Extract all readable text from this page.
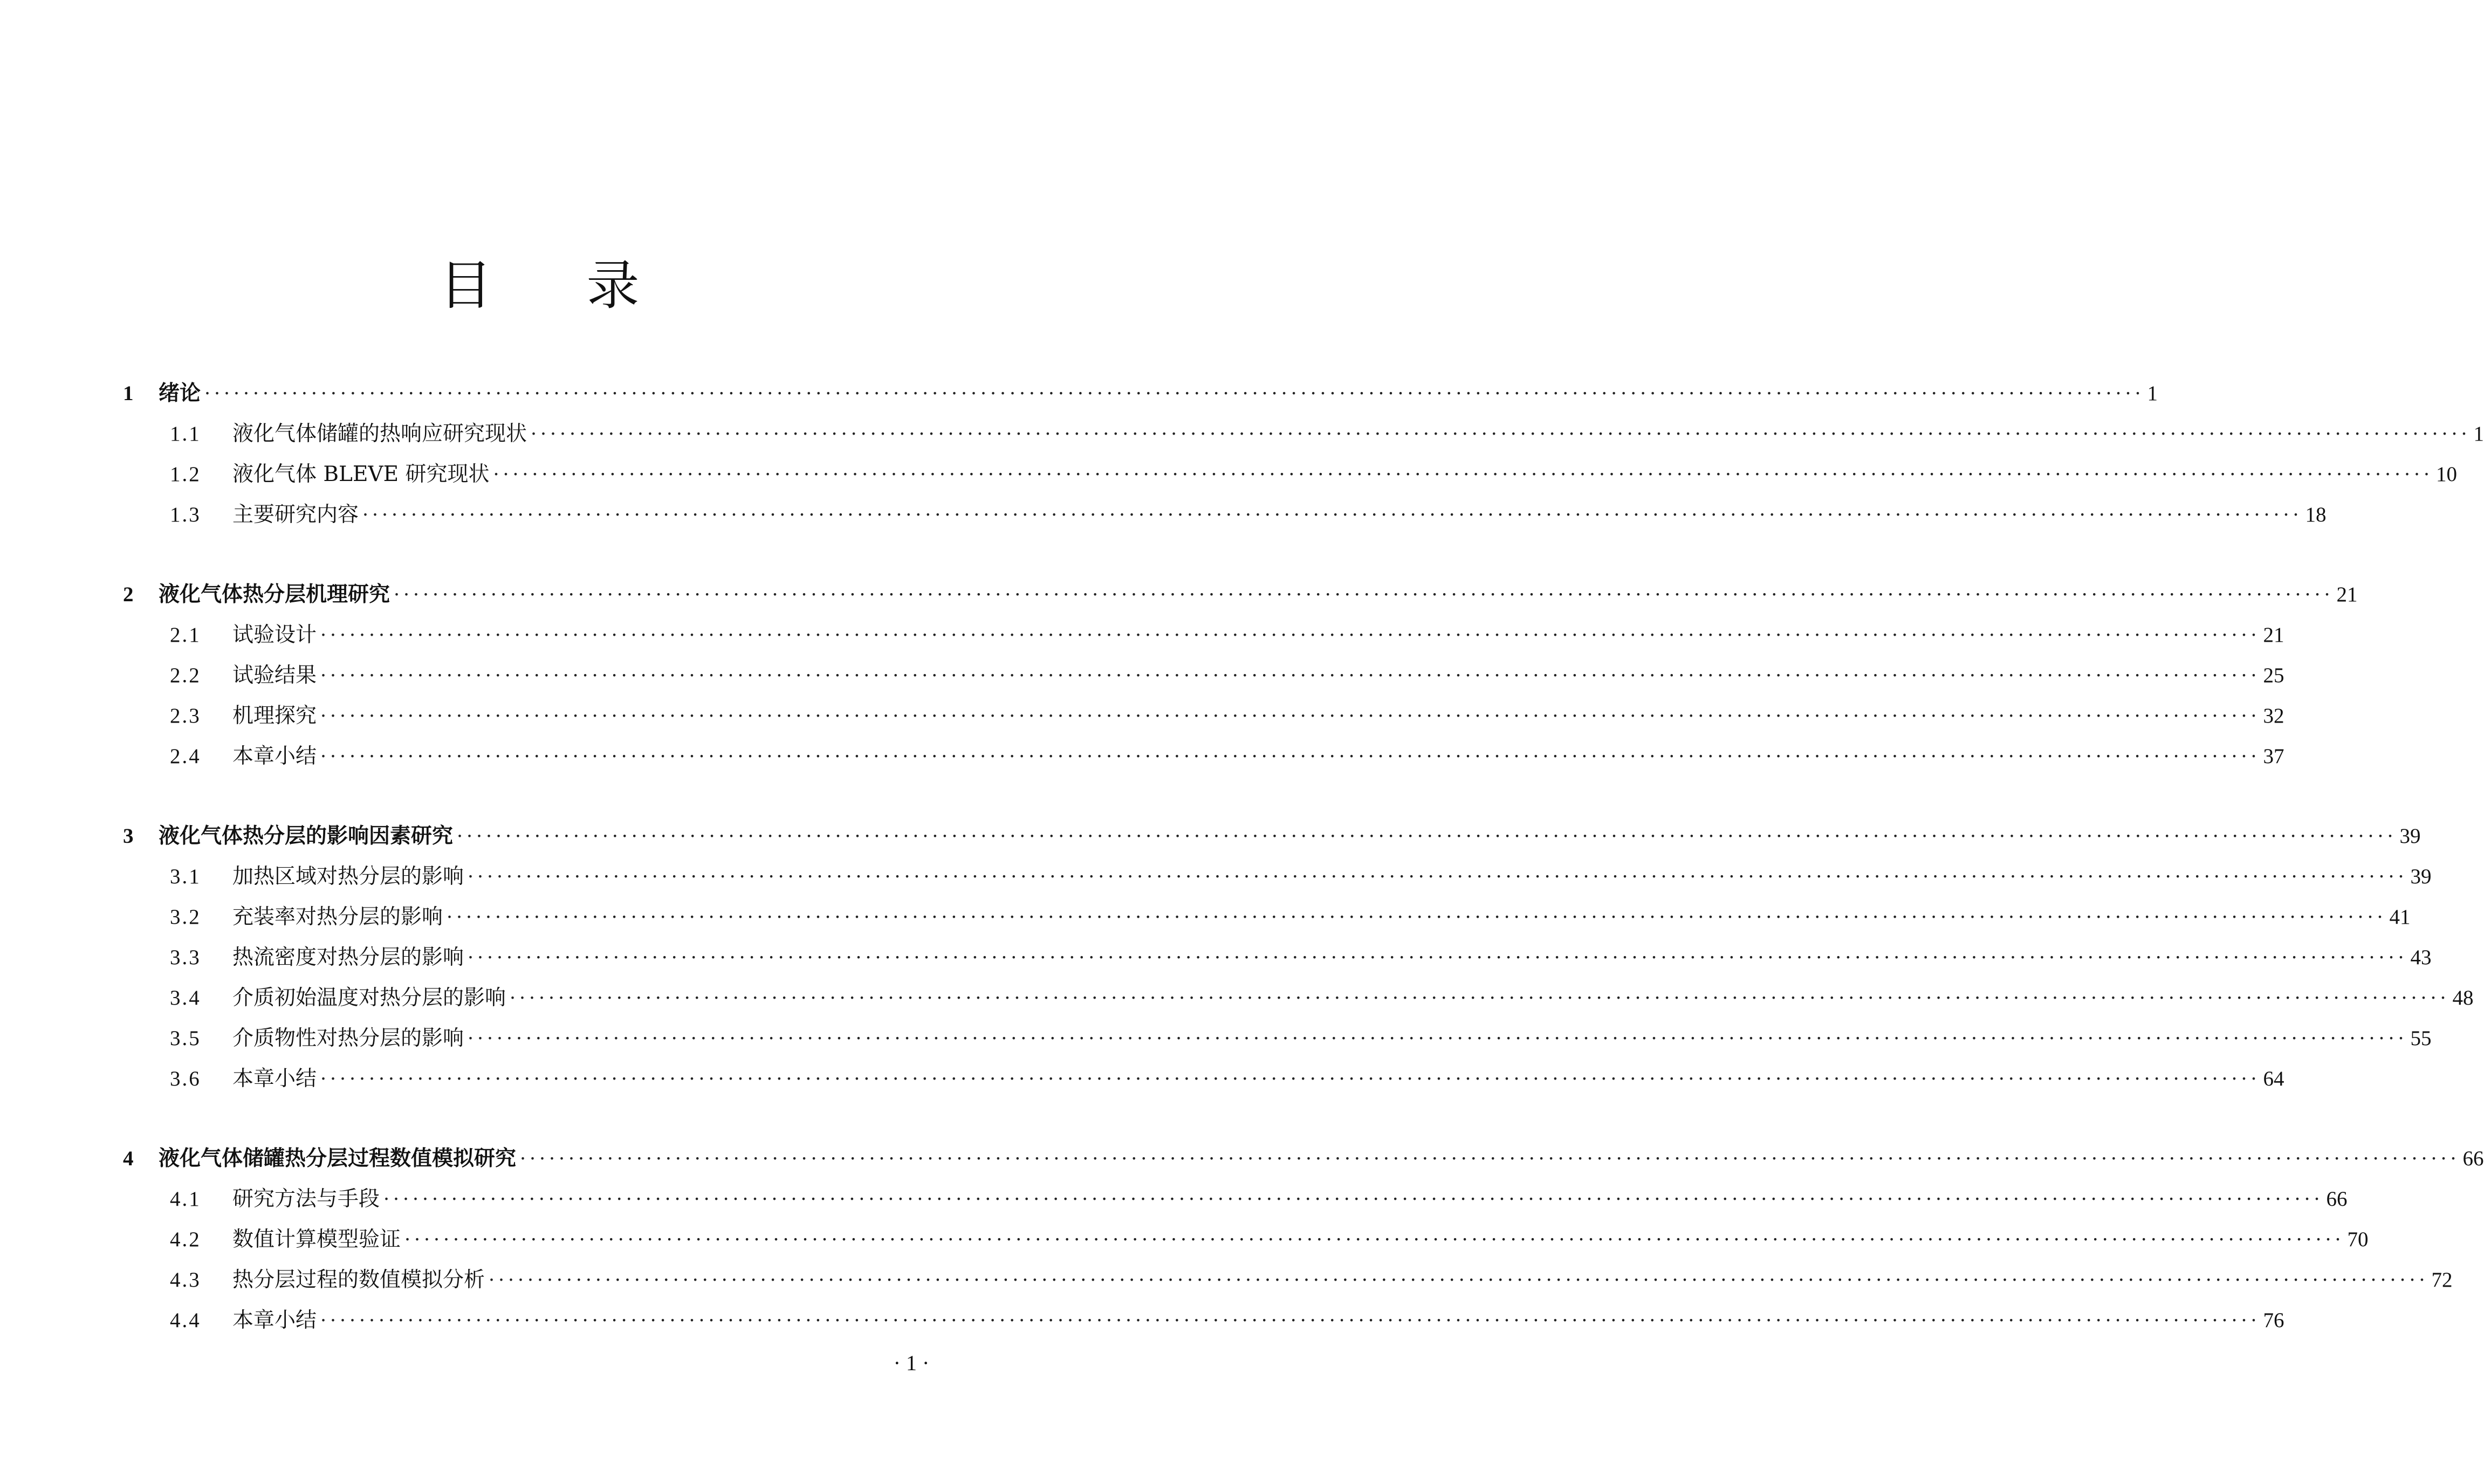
目录
1	绪论 ········································································································································································································ 1
1.1	液化气体储罐的热响应研究现状 ········································································································································································································ 1
1.2	液化气体 BLEVE 研究现状 ········································································································································································································ 10
1.3	主要研究内容 ········································································································································································································ 18
2	液化气体热分层机理研究 ········································································································································································································ 21
2.1	试验设计 ········································································································································································································ 21
2.2	试验结果 ········································································································································································································ 25
2.3	机理探究 ········································································································································································································ 32
2.4	本章小结 ········································································································································································································ 37
3	液化气体热分层的影响因素研究 ········································································································································································································ 39
3.1	加热区域对热分层的影响 ········································································································································································································ 39
3.2	充装率对热分层的影响 ········································································································································································································ 41
3.3	热流密度对热分层的影响 ········································································································································································································ 43
3.4	介质初始温度对热分层的影响 ········································································································································································································ 48
3.5	介质物性对热分层的影响 ········································································································································································································ 55
3.6	本章小结 ········································································································································································································ 64
4	液化气体储罐热分层过程数值模拟研究 ········································································································································································································ 66
4.1	研究方法与手段 ········································································································································································································ 66
4.2	数值计算模型验证 ········································································································································································································ 70
4.3	热分层过程的数值模拟分析 ········································································································································································································ 72
4.4	本章小结 ········································································································································································································ 76
· 1 ·
